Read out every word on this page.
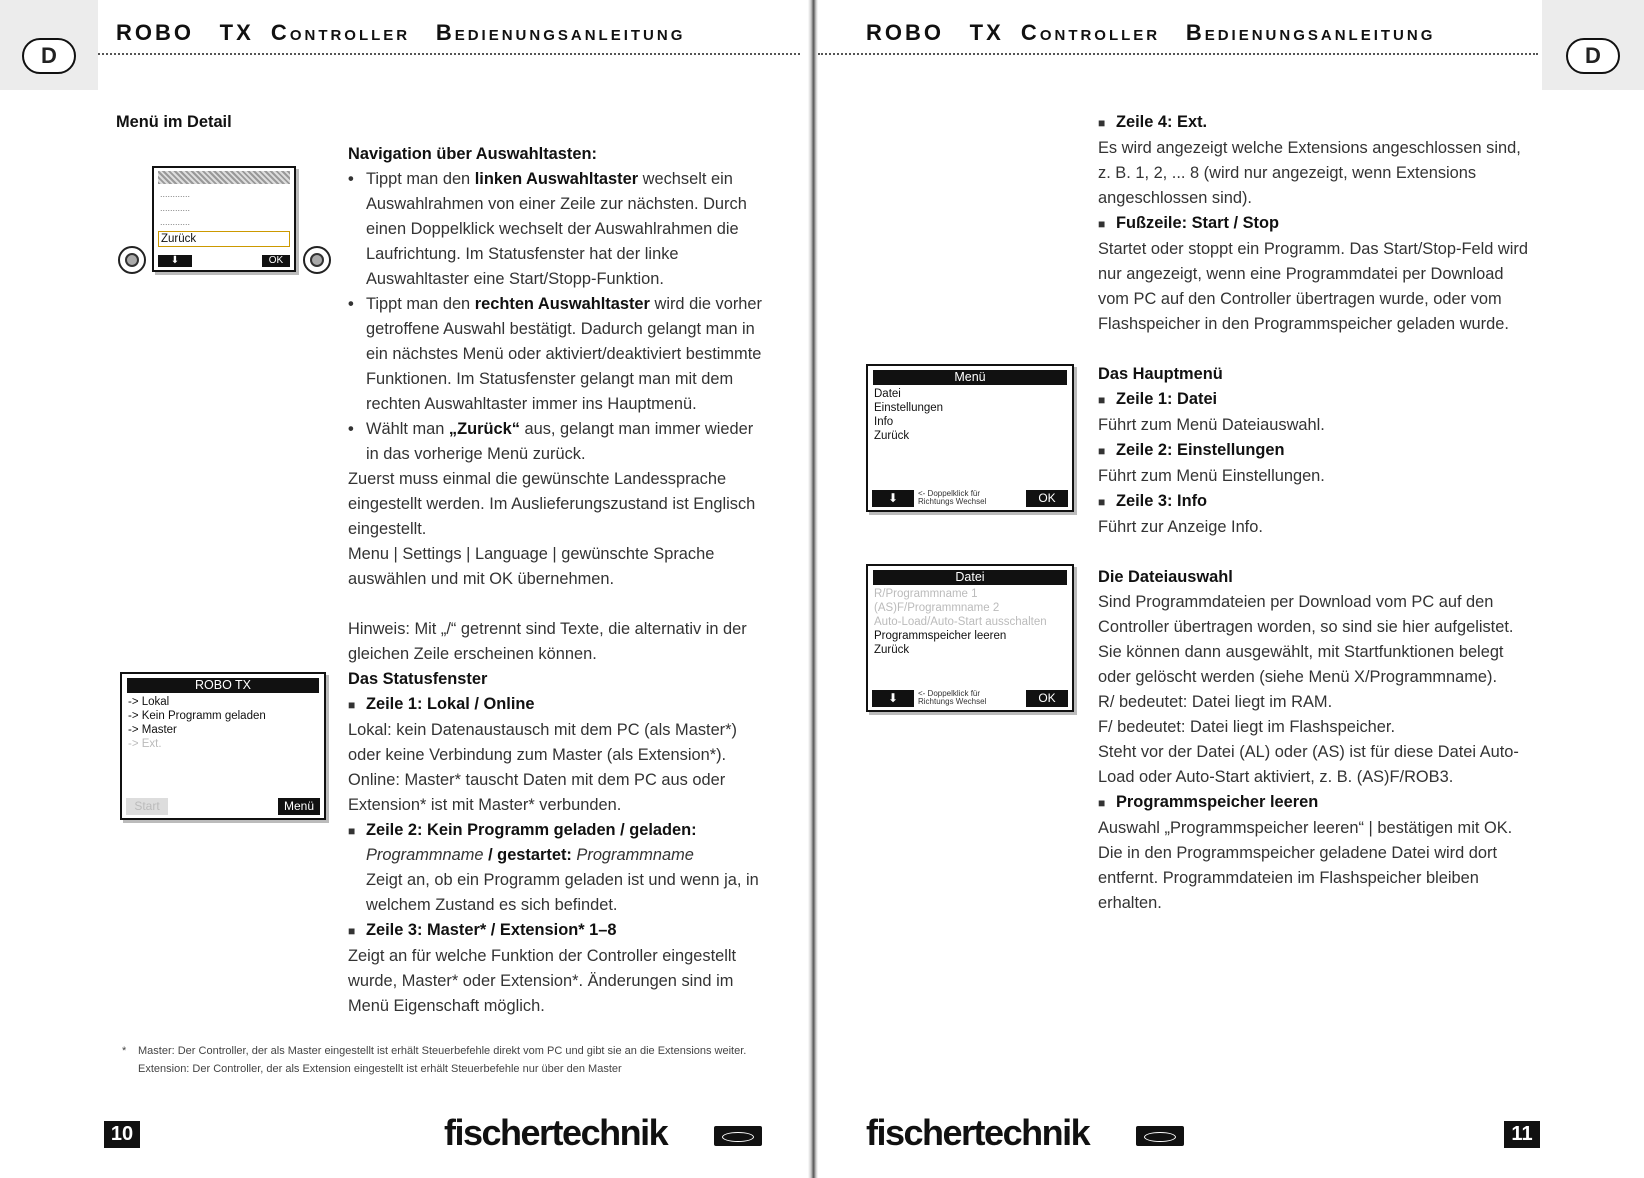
D
ROBO TX CONTROLLER BEDIENUNGSANLEITUNG
Menü im Detail
............
............
............
Zurück
⬇	OK

Navigation über Auswahltasten:

• Tippt man den linken Auswahltaster wechselt ein Auswahlrahmen von einer Zeile zur nächsten. Durch einen Doppelklick wechselt der Auswahlrahmen die Laufrichtung. Im Statusfenster hat der linke Auswahltaster eine Start/Stopp-Funktion.
• Tippt man den rechten Auswahltaster wird die vorher getroffene Auswahl bestätigt. Dadurch gelangt man in ein nächstes Menü oder aktiviert/deaktiviert bestimmte Funktionen. Im Statusfenster gelangt man mit dem rechten Auswahltaster immer ins Hauptmenü.
• Wählt man „Zurück“ aus, gelangt man immer wieder in das vorherige Menü zurück.

Zuerst muss einmal die gewünschte Landessprache eingestellt werden. Im Auslieferungszustand ist Englisch eingestellt.

Menu | Settings | Language | gewünschte Sprache auswählen und mit OK übernehmen.

Hinweis: Mit „/“ getrennt sind Texte, die alternativ in der gleichen Zeile erscheinen können.

Das Statusfenster

■ Zeile 1: Lokal / Online

Lokal: kein Datenaustausch mit dem PC (als Master*) oder keine Verbindung zum Master (als Extension*).

Online: Master* tauscht Daten mit dem PC aus oder Extension* ist mit Master* verbunden.

■ Zeile 2: Kein Programm geladen / geladen: Programmname / gestartet: Programmname

Zeigt an, ob ein Programm geladen ist und wenn ja, in welchem Zustand es sich befindet.

■ Zeile 3: Master* / Extension* 1–8

Zeigt an für welche Funktion der Controller eingestellt wurde, Master* oder Extension*. Änderungen sind im Menü Eigenschaft möglich.

ROBO TX
-> Lokal
-> Kein Programm geladen
-> Master
-> Ext.
Start	Menü
* Master: Der Controller, der als Master eingestellt ist erhält Steuerbefehle direkt vom PC und gibt sie an die Extensions weiter. Extension: Der Controller, der als Extension eingestellt ist erhält Steuerbefehle nur über den Master
10	fischertechnik
D
ROBO TX CONTROLLER BEDIENUNGSANLEITUNG
■ Zeile 4: Ext.

Es wird angezeigt welche Extensions angeschlossen sind, z. B. 1, 2, ... 8 (wird nur angezeigt, wenn Extensions angeschlossen sind).

■ Fußzeile: Start / Stop

Startet oder stoppt ein Programm. Das Start/Stop-Feld wird nur angezeigt, wenn eine Programmdatei per Download vom PC auf den Controller übertragen wurde, oder vom Flashspeicher in den Programmspeicher geladen wurde.

Das Hauptmenü

■ Zeile 1: Datei

Führt zum Menü Dateiauswahl.

■ Zeile 2: Einstellungen

Führt zum Menü Einstellungen.

■ Zeile 3: Info

Führt zur Anzeige Info.

Die Dateiauswahl

Sind Programmdateien per Download vom PC auf den Controller übertragen worden, so sind sie hier aufgelistet. Sie können dann ausgewählt, mit Startfunktionen belegt oder gelöscht werden (siehe Menü X/Programmname).

R/ bedeutet: Datei liegt im RAM.

F/ bedeutet: Datei liegt im Flashspeicher.

Steht vor der Datei (AL) oder (AS) ist für diese Datei Auto-Load oder Auto-Start aktiviert, z. B. (AS)F/ROB3.

■ Programmspeicher leeren

Auswahl „Programmspeicher leeren“ | bestätigen mit OK.

Die in den Programmspeicher geladene Datei wird dort entfernt. Programmdateien im Flashspeicher bleiben erhalten.

Menü
Datei
Einstellungen
Info
Zurück
⬇	<- Doppelklick für
Richtungs Wechsel	OK
Datei
R/Programmname 1
(AS)F/Programmname 2
Auto-Load/Auto-Start ausschalten
Programmspeicher leeren
Zurück
⬇	<- Doppelklick für
Richtungs Wechsel	OK
fischertechnik	11
